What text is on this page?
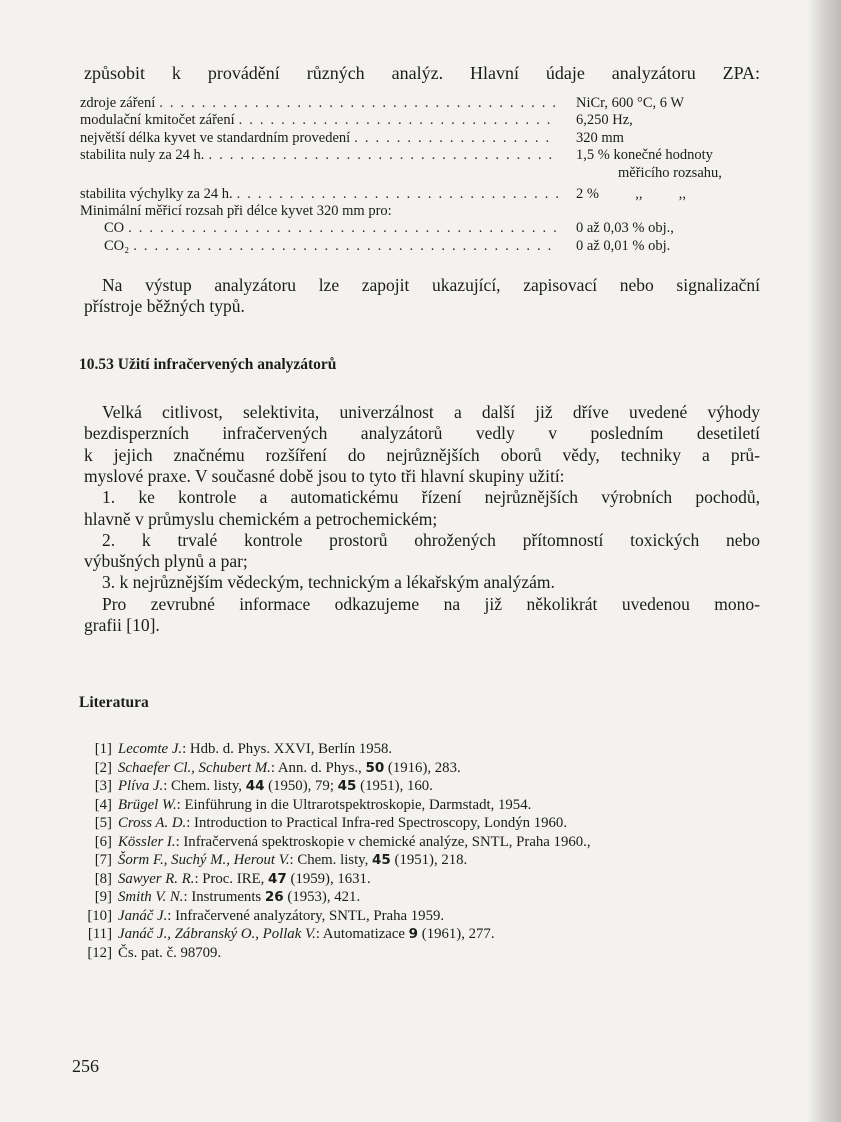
způsobit k provádění různých analýz. Hlavní údaje analyzátoru ZPA:
zdroje záření ...................................... NiCr, 600 °C, 6 W
modulační kmitočet záření .............................. 6,250 Hz,
největší délka kyvet ve standardním provedení ................... 320 mm
stabilita nuly za 24 h. ................................. 1,5 % konečné hodnoty
měřicího rozsahu,
stabilita výchylky za 24 h. ............................... 2 %          ,,          ,,
Minimální měřicí rozsah při délce kyvet 320 mm pro:
CO ......................................... 0 až 0,03 % obj.,
CO₂ ........................................ 0 až 0,01 % obj.
Na výstup analyzátoru lze zapojit ukazující, zapisovací nebo signalizační
přístroje běžných typů.
10.53 Užití infračervených analyzátorů
Velká citlivost, selektivita, univerzálnost a další již dříve uvedené výhody
bezdisperzních infračervených analyzátorů vedly v posledním desetiletí
k jejich značnému rozšíření do nejrůznějších oborů vědy, techniky a prů-
myslové praxe. V současné době jsou to tyto tři hlavní skupiny užití:
1. ke kontrole a automatickému řízení nejrůznějších výrobních pochodů,
hlavně v průmyslu chemickém a petrochemickém;
2. k trvalé kontrole prostorů ohrožených přítomností toxických nebo
výbušných plynů a par;
3. k nejrůznějším vědeckým, technickým a lékařským analýzám.
Pro zevrubné informace odkazujeme na již několikrát uvedenou mono-
grafii [10].
Literatura
[1] Lecomte J.: Hdb. d. Phys. XXVI, Berlín 1958.
[2] Schaefer Cl., Schubert M.: Ann. d. Phys., 50 (1916), 283.
[3] Plíva J.: Chem. listy, 44 (1950), 79; 45 (1951), 160.
[4] Brügel W.: Einführung in die Ultrarotspektroskopie, Darmstadt, 1954.
[5] Cross A. D.: Introduction to Practical Infra-red Spectroscopy, Londýn 1960.
[6] Kössler I.: Infračervená spektroskopie v chemické analýze, SNTL, Praha 1960.,
[7] Šorm F., Suchý M., Herout V.: Chem. listy, 45 (1951), 218.
[8] Sawyer R. R.: Proc. IRE, 47 (1959), 1631.
[9] Smith V. N.: Instruments 26 (1953), 421.
[10] Janáč J.: Infračervené analyzátory, SNTL, Praha 1959.
[11] Janáč J., Zábranský O., Pollak V.: Automatizace 9 (1961), 277.
[12] Čs. pat. č. 98709.
256
